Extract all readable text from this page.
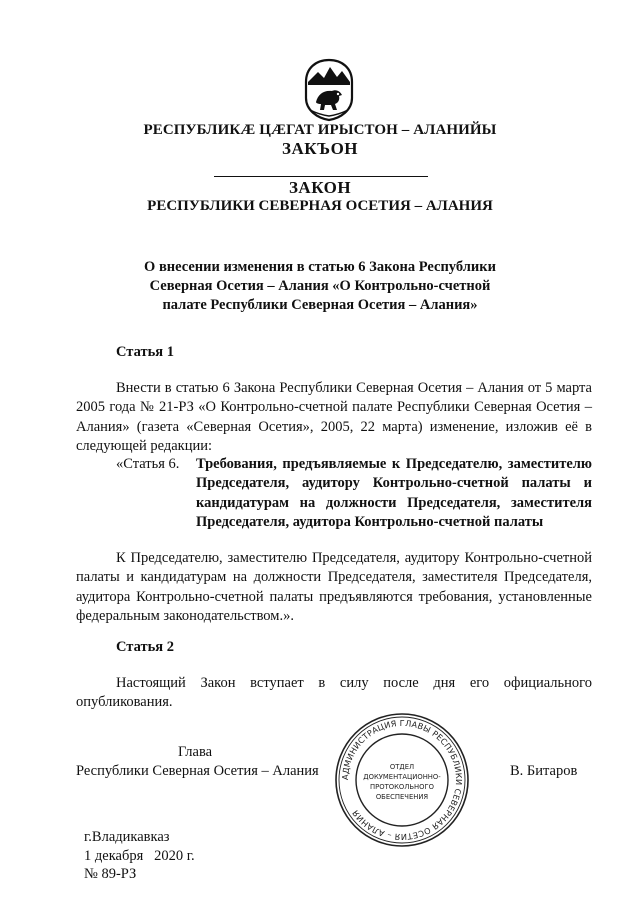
РЕСПУБЛИКÆ ЦÆГАТ ИРЫСТОН – АЛАНИЙЫ
ЗАКЪОН
ЗАКОН
РЕСПУБЛИКИ СЕВЕРНАЯ ОСЕТИЯ – АЛАНИЯ
О внесении изменения в статью 6 Закона Республики
Северная Осетия – Алания «О Контрольно-счетной
палате Республики Северная Осетия – Алания»
Статья 1
Внести в статью 6 Закона Республики Северная Осетия – Алания от 5 марта 2005 года № 21-РЗ «О Контрольно-счетной палате Республики Северная Осетия – Алания» (газета «Северная Осетия», 2005, 22 марта) изменение, изложив её в следующей редакции:
«Статья 6.	Требования, предъявляемые к Председателю, заместителю Председателя, аудитору Контрольно-счетной палаты и кандидатурам на должности Председателя, заместителя Председателя, аудитора Контрольно-счетной палаты
К Председателю, заместителю Председателя, аудитору Контрольно-счетной палаты и кандидатурам на должности Председателя, заместителя Председателя, аудитора Контрольно-счетной палаты предъявляются требования, установленные федеральным законодательством.».
Статья 2
Настоящий Закон вступает в силу после дня его официального опубликования.
Глава
Республики Северная Осетия – Алания	В. Битаров
АДМИНИСТРАЦИЯ ГЛАВЫ РЕСПУБЛИКИ СЕВЕРНАЯ ОСЕТИЯ – АЛАНИЯ
ОТДЕЛ
ДОКУМЕНТАЦИОННО-
ПРОТОКОЛЬНОГО
ОБЕСПЕЧЕНИЯ
г.Владикавказ
1 декабря   2020 г.
№ 89-РЗ
